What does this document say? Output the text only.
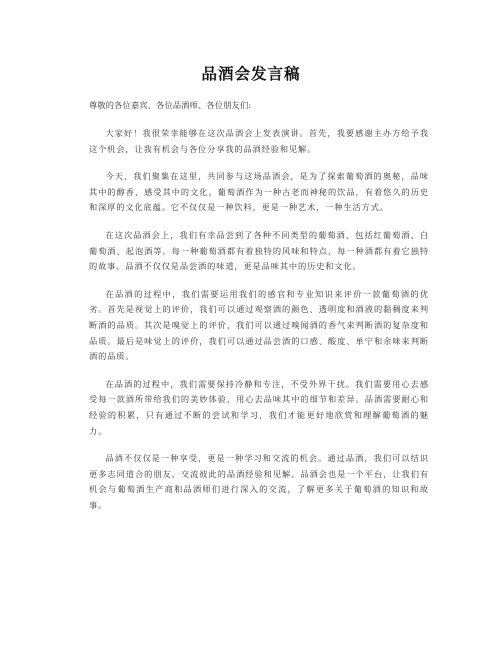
品酒会发言稿

尊敬的各位嘉宾、各位品酒师、各位朋友们:

大家好！我很荣幸能够在这次品酒会上发表演讲。首先，我要感谢主办方给予我这个机会，让我有机会与各位分享我的品酒经验和见解。

今天，我们聚集在这里，共同参与这场品酒会，是为了探索葡萄酒的奥秘，品味其中的醇香，感受其中的文化。葡萄酒作为一种古老而神秘的饮品，有着悠久的历史和深厚的文化底蕴。它不仅仅是一种饮料，更是一种艺术，一种生活方式。

在这次品酒会上，我们有幸品尝到了各种不同类型的葡萄酒，包括红葡萄酒、白葡萄酒、起泡酒等。每一种葡萄酒都有着独特的风味和特点，每一种酒都有着它独特的故事。品酒不仅仅是品尝酒的味道，更是品味其中的历史和文化。

在品酒的过程中，我们需要运用我们的感官和专业知识来评价一款葡萄酒的优劣。首先是视觉上的评价，我们可以通过观察酒的颜色、透明度和酒液的黏稠度来判断酒的品质。其次是嗅觉上的评价，我们可以通过嗅闻酒的香气来判断酒的复杂度和品质。最后是味觉上的评价，我们可以通过品尝酒的口感、酸度、单宁和余味来判断酒的品质。

在品酒的过程中，我们需要保持冷静和专注，不受外界干扰。我们需要用心去感受每一款酒所带给我们的美妙体验，用心去品味其中的细节和差异。品酒需要耐心和经验的积累，只有通过不断的尝试和学习，我们才能更好地欣赏和理解葡萄酒的魅力。

品酒不仅仅是一种享受，更是一种学习和交流的机会。通过品酒，我们可以结识更多志同道合的朋友，交流彼此的品酒经验和见解。品酒会也是一个平台，让我们有机会与葡萄酒生产商和品酒师们进行深入的交流，了解更多关于葡萄酒的知识和故事。
